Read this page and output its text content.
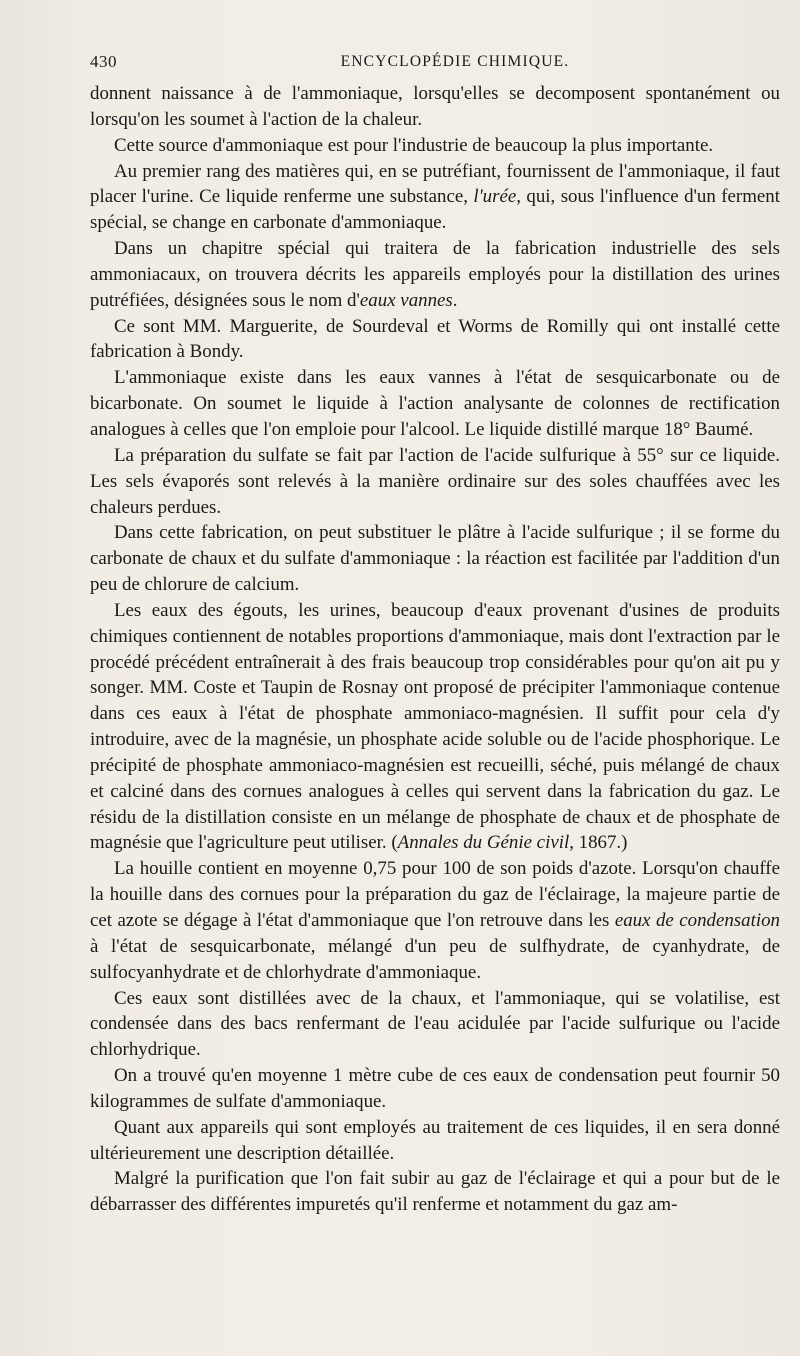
430	ENCYCLOPÉDIE CHIMIQUE.

donnent naissance à de l'ammoniaque, lorsqu'elles se decomposent spontanément ou lorsqu'on les soumet à l'action de la chaleur.

Cette source d'ammoniaque est pour l'industrie de beaucoup la plus importante.

Au premier rang des matières qui, en se putréfiant, fournissent de l'ammoniaque, il faut placer l'urine. Ce liquide renferme une substance, l'urée, qui, sous l'influence d'un ferment spécial, se change en carbonate d'ammoniaque.

Dans un chapitre spécial qui traitera de la fabrication industrielle des sels ammoniacaux, on trouvera décrits les appareils employés pour la distillation des urines putréfiées, désignées sous le nom d'eaux vannes.

Ce sont MM. Marguerite, de Sourdeval et Worms de Romilly qui ont installé cette fabrication à Bondy.

L'ammoniaque existe dans les eaux vannes à l'état de sesquicarbonate ou de bicarbonate. On soumet le liquide à l'action analysante de colonnes de rectification analogues à celles que l'on emploie pour l'alcool. Le liquide distillé marque 18° Baumé.

La préparation du sulfate se fait par l'action de l'acide sulfurique à 55° sur ce liquide. Les sels évaporés sont relevés à la manière ordinaire sur des soles chauffées avec les chaleurs perdues.

Dans cette fabrication, on peut substituer le plâtre à l'acide sulfurique ; il se forme du carbonate de chaux et du sulfate d'ammoniaque : la réaction est facilitée par l'addition d'un peu de chlorure de calcium.

Les eaux des égouts, les urines, beaucoup d'eaux provenant d'usines de produits chimiques contiennent de notables proportions d'ammoniaque, mais dont l'extraction par le procédé précédent entraînerait à des frais beaucoup trop considérables pour qu'on ait pu y songer. MM. Coste et Taupin de Rosnay ont proposé de précipiter l'ammoniaque contenue dans ces eaux à l'état de phosphate ammoniaco-magnésien. Il suffit pour cela d'y introduire, avec de la magnésie, un phosphate acide soluble ou de l'acide phosphorique. Le précipité de phosphate ammoniaco-magnésien est recueilli, séché, puis mélangé de chaux et calciné dans des cornues analogues à celles qui servent dans la fabrication du gaz. Le résidu de la distillation consiste en un mélange de phosphate de chaux et de phosphate de magnésie que l'agriculture peut utiliser. (Annales du Génie civil, 1867.)

La houille contient en moyenne 0,75 pour 100 de son poids d'azote. Lorsqu'on chauffe la houille dans des cornues pour la préparation du gaz de l'éclairage, la majeure partie de cet azote se dégage à l'état d'ammoniaque que l'on retrouve dans les eaux de condensation à l'état de sesquicarbonate, mélangé d'un peu de sulfhydrate, de cyanhydrate, de sulfocyanhydrate et de chlorhydrate d'ammoniaque.

Ces eaux sont distillées avec de la chaux, et l'ammoniaque, qui se volatilise, est condensée dans des bacs renfermant de l'eau acidulée par l'acide sulfurique ou l'acide chlorhydrique.

On a trouvé qu'en moyenne 1 mètre cube de ces eaux de condensation peut fournir 50 kilogrammes de sulfate d'ammoniaque.

Quant aux appareils qui sont employés au traitement de ces liquides, il en sera donné ultérieurement une description détaillée.

Malgré la purification que l'on fait subir au gaz de l'éclairage et qui a pour but de le débarrasser des différentes impuretés qu'il renferme et notamment du gaz am-
